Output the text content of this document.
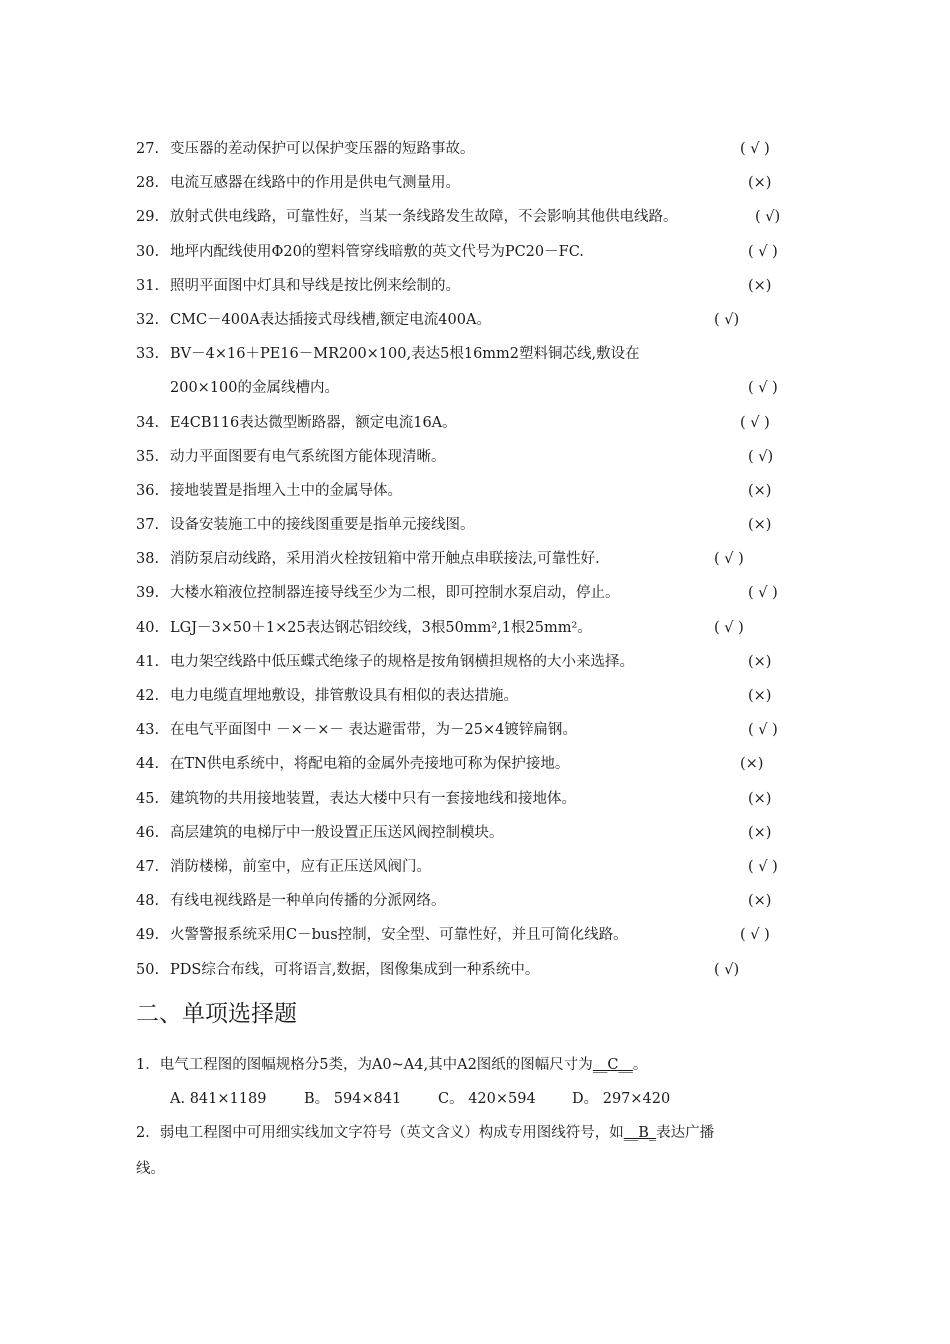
27. 变压器的差动保护可以保护变压器的短路事故。	( √ )
28. 电流互感器在线路中的作用是供电气测量用。	(×)
29. 放射式供电线路，可靠性好，当某一条线路发生故障，不会影响其他供电线路。	( √)
30. 地坪内配线使用Φ20的塑料管穿线暗敷的英文代号为PC20－FC.	( √ )
31. 照明平面图中灯具和导线是按比例来绘制的。	(×)
32. CMC－400A表达插接式母线槽,额定电流400A。	( √)
33. BV－4×16＋PE16－MR200×100,表达5根16mm2塑料铜芯线,敷设在
200×100的金属线槽内。	( √ )
34. E4CB116表达微型断路器，额定电流16A。	( √ )
35. 动力平面图要有电气系统图方能体现清晰。	( √)
36. 接地装置是指埋入土中的金属导体。	(×)
37. 设备安装施工中的接线图重要是指单元接线图。	(×)
38. 消防泵启动线路，采用消火栓按钮箱中常开触点串联接法,可靠性好.	( √ )
39. 大楼水箱液位控制器连接导线至少为二根，即可控制水泵启动，停止。	( √ )
40. LGJ－3×50＋1×25表达钢芯铝绞线，3根50mm²,1根25mm²。	( √ )
41. 电力架空线路中低压蝶式绝缘子的规格是按角钢横担规格的大小来选择。	(×)
42. 电力电缆直埋地敷设，排管敷设具有相似的表达措施。	(×)
43. 在电气平面图中 －×－×－ 表达避雷带，为－25×4镀锌扁钢。	( √ )
44. 在TN供电系统中，将配电箱的金属外壳接地可称为保护接地。	(×)
45. 建筑物的共用接地装置，表达大楼中只有一套接地线和接地体。	(×)
46. 高层建筑的电梯厅中一般设置正压送风阀控制模块。	(×)
47. 消防楼梯，前室中，应有正压送风阀门。	( √ )
48. 有线电视线路是一种单向传播的分派网络。	(×)
49. 火警警报系统采用C－bus控制，安全型、可靠性好，并且可简化线路。	( √ )
50. PDS综合布线，可将语言,数据，图像集成到一种系统中。	( √)
二、单项选择题
1．电气工程图的图幅规格分5类，为A0~A4,其中A2图纸的图幅尺寸为__C__。
A. 841×1189	B。 594×841	C。 420×594	D。 297×420
2．弱电工程图中可用细实线加文字符号（英文含义）构成专用图线符号，如__B_表达广播
线。
